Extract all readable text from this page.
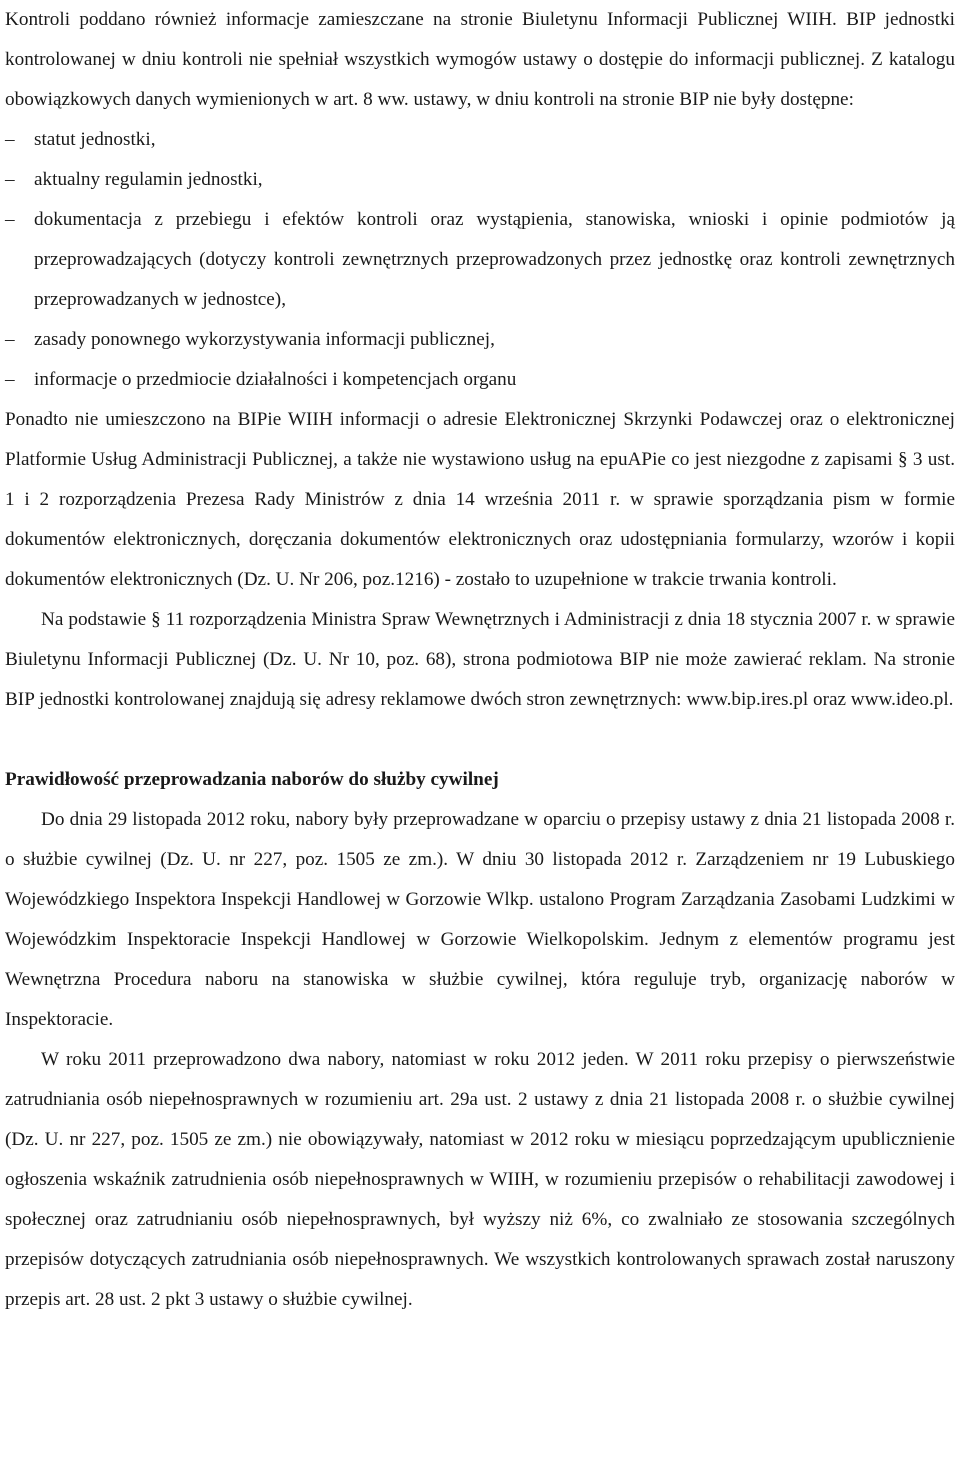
Kontroli poddano również informacje zamieszczane na stronie Biuletynu Informacji Publicznej WIIH. BIP jednostki kontrolowanej w dniu kontroli nie spełniał wszystkich wymogów ustawy o dostępie do informacji publicznej. Z katalogu obowiązkowych danych wymienionych w art. 8 ww. ustawy, w dniu kontroli na stronie BIP nie były dostępne:

–	statut jednostki,
–	aktualny regulamin jednostki,
–	dokumentacja z przebiegu i efektów kontroli oraz wystąpienia, stanowiska, wnioski i opinie podmiotów ją przeprowadzających (dotyczy kontroli zewnętrznych przeprowadzonych przez jednostkę oraz kontroli zewnętrznych przeprowadzanych w jednostce),
–	zasady ponownego wykorzystywania informacji publicznej,
–	informacje o przedmiocie działalności i kompetencjach organu

Ponadto nie umieszczono na BIPie WIIH informacji o adresie Elektronicznej Skrzynki Podawczej oraz o elektronicznej Platformie Usług Administracji Publicznej, a także nie wystawiono usług na epuAPie co jest niezgodne z zapisami § 3 ust. 1 i 2 rozporządzenia Prezesa Rady Ministrów z dnia 14 września 2011 r. w sprawie sporządzania pism w formie dokumentów elektronicznych, doręczania dokumentów elektronicznych oraz udostępniania formularzy, wzorów i kopii dokumentów elektronicznych (Dz. U. Nr 206, poz.1216) - zostało to uzupełnione w trakcie trwania kontroli.

Na podstawie § 11 rozporządzenia Ministra Spraw Wewnętrznych i Administracji z dnia 18 stycznia 2007 r. w sprawie Biuletynu Informacji Publicznej (Dz. U. Nr 10, poz. 68), strona podmiotowa BIP nie może zawierać reklam. Na stronie BIP jednostki kontrolowanej znajdują się adresy reklamowe dwóch stron zewnętrznych: www.bip.ires.pl oraz www.ideo.pl.

Prawidłowość przeprowadzania naborów do służby cywilnej

Do dnia 29 listopada 2012 roku, nabory były przeprowadzane w oparciu o przepisy ustawy z dnia 21 listopada 2008 r. o służbie cywilnej (Dz. U. nr 227, poz. 1505 ze zm.). W dniu 30 listopada 2012 r. Zarządzeniem nr 19 Lubuskiego Wojewódzkiego Inspektora Inspekcji Handlowej w Gorzowie Wlkp. ustalono Program Zarządzania Zasobami Ludzkimi w Wojewódzkim Inspektoracie Inspekcji Handlowej w Gorzowie Wielkopolskim. Jednym z elementów programu jest Wewnętrzna Procedura naboru na stanowiska w służbie cywilnej, która reguluje tryb, organizację naborów w Inspektoracie.

W roku 2011 przeprowadzono dwa nabory, natomiast w roku 2012 jeden. W 2011 roku przepisy o pierwszeństwie zatrudniania osób niepełnosprawnych w rozumieniu art. 29a ust. 2 ustawy z dnia 21 listopada 2008 r. o służbie cywilnej (Dz. U. nr 227, poz. 1505 ze zm.) nie obowiązywały, natomiast w 2012 roku w miesiącu poprzedzającym upublicznienie ogłoszenia wskaźnik zatrudnienia osób niepełnosprawnych w WIIH, w rozumieniu przepisów o rehabilitacji zawodowej i społecznej oraz zatrudnianiu osób niepełnosprawnych, był wyższy niż 6%, co zwalniało ze stosowania szczególnych przepisów dotyczących zatrudniania osób niepełnosprawnych. We wszystkich kontrolowanych sprawach został naruszony przepis art. 28 ust. 2 pkt 3 ustawy o służbie cywilnej.
